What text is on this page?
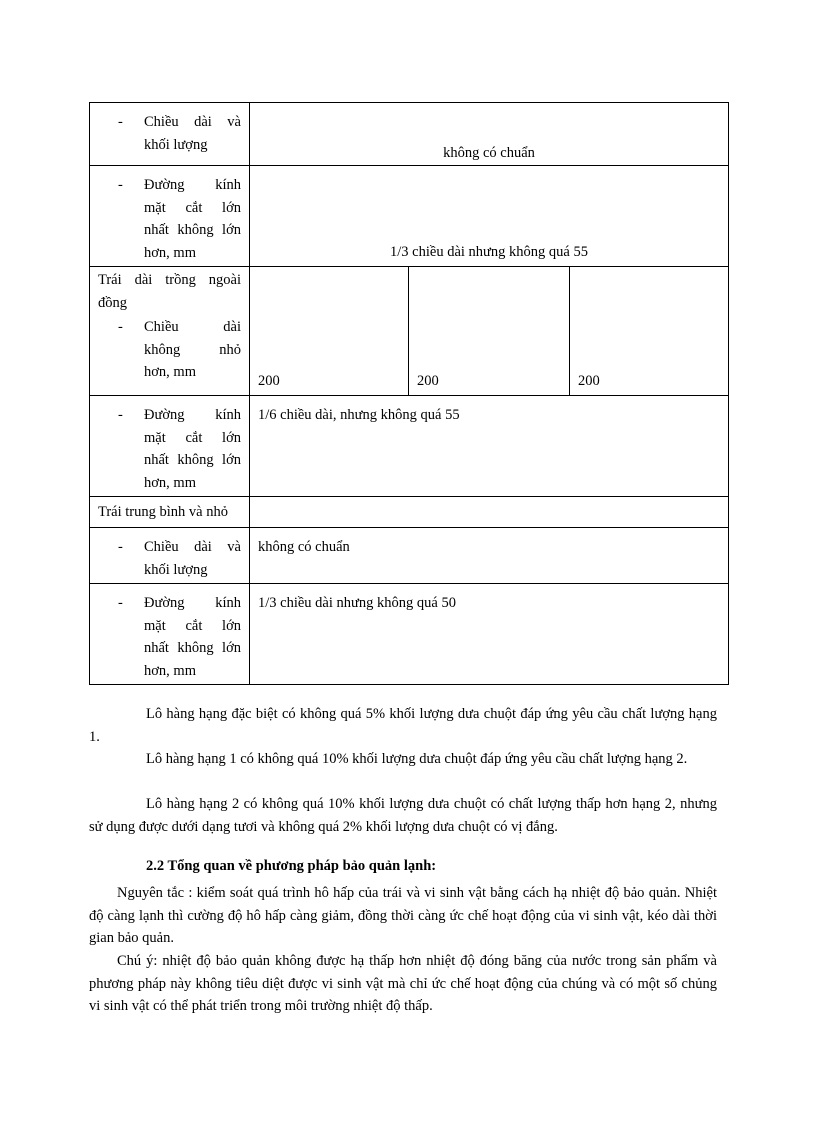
- Chiều dài và
khối lượng	không có chuẩn		

- Đường kính
mặt cắt lớn
nhất không lớn
hơn, mm	1/3 chiều dài nhưng không quá 55		

Trái dài trồng ngoài đồng
- Chiều dài
không nhỏ
hơn, mm	200	200	200

- Đường kính
mặt cắt lớn
nhất không lớn
hơn, mm	1/6 chiều dài, nhưng không quá 55		

Trái trung bình và nhỏ			

- Chiều dài và
khối lượng	không có chuẩn		

- Đường kính
mặt cắt lớn
nhất không lớn
hơn, mm	1/3 chiều dài nhưng không quá 50		

Lô hàng hạng đặc biệt có không quá 5% khối lượng dưa chuột đáp ứng yêu cầu chất lượng hạng 1.

Lô hàng hạng 1 có không quá 10% khối lượng dưa chuột đáp ứng yêu cầu chất lượng hạng 2.

Lô hàng hạng 2 có không quá 10% khối lượng dưa chuột có chất lượng thấp hơn hạng 2, nhưng sử dụng được dưới dạng tươi và không quá 2% khối lượng dưa chuột có vị đắng.

2.2 Tổng quan về phương pháp bảo quản lạnh:

Nguyên tắc : kiểm soát quá trình hô hấp của trái và vi sinh vật bằng cách hạ nhiệt độ bảo quản. Nhiệt độ càng lạnh thì cường độ hô hấp càng giảm, đồng thời càng ức chế hoạt động của vi sinh vật, kéo dài thời gian bảo quản.

Chú ý: nhiệt độ bảo quản không được hạ thấp hơn nhiệt độ đóng băng của nước trong sản phẩm và phương pháp này không tiêu diệt được vi sinh vật mà chỉ ức chế hoạt động của chúng và có một số chủng vi sinh vật có thể phát triển trong môi trường nhiệt độ thấp.
